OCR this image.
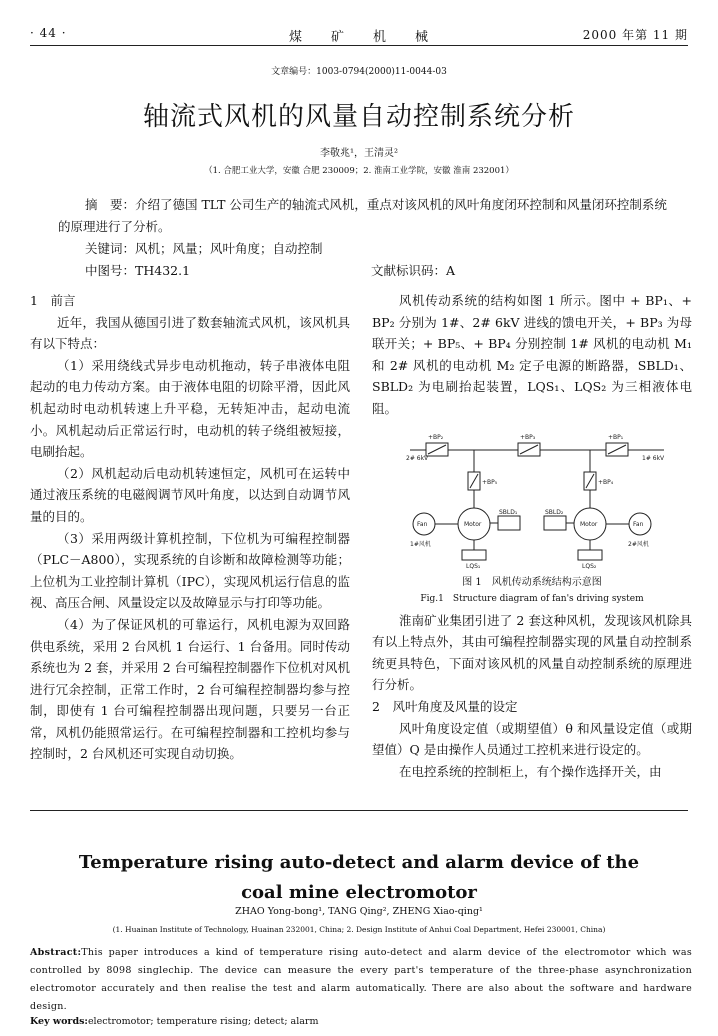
· 44 ·	煤　　矿　　机　　械	2000 年第 11 期
文章编号：1003-0794(2000)11-0044-03
轴流式风机的风量自动控制系统分析
李敬兆¹，王清灵²
（1. 合肥工业大学，安徽 合肥 230009；2. 淮南工业学院，安徽 淮南 232001）

摘　要：介绍了德国 TLT 公司生产的轴流式风机，重点对该风机的风叶角度闭环控制和风量闭环控制系统的原理进行了分析。

关键词：风机；风量；风叶角度；自动控制

中图号：TH432.1	文献标识码：A

1　前言

近年，我国从德国引进了数套轴流式风机，该风机具有以下特点：

（1）采用绕线式异步电动机拖动，转子串液体电阻起动的电力传动方案。由于液体电阻的切除平滑，因此风机起动时电动机转速上升平稳，无转矩冲击，起动电流小。风机起动后正常运行时，电动机的转子绕组被短接，电刷抬起。

（2）风机起动后电动机转速恒定，风机可在运转中通过液压系统的电磁阀调节风叶角度，以达到自动调节风量的目的。

（3）采用两级计算机控制，下位机为可编程控制器（PLC－A800），实现系统的自诊断和故障检测等功能；上位机为工业控制计算机（IPC），实现风机运行信息的监视、高压合闸、风量设定以及故障显示与打印等功能。

（4）为了保证风机的可靠运行，风机电源为双回路供电系统，采用 2 台风机 1 台运行、1 台备用。同时传动系统也为 2 套，并采用 2 台可编程控制器作下位机对风机进行冗余控制，正常工作时，2 台可编程控制器均参与控制，即使有 1 台可编程控制器出现问题，只要另一台正常，风机仍能照常运行。在可编程控制器和工控机均参与控制时，2 台风机还可实现自动切换。

风机传动系统的结构如图 1 所示。图中 + BP₁、+ BP₂ 分别为 1#、2# 6kV 进线的馈电开关，+ BP₃ 为母联开关；+ BP₅、+ BP₄ 分别控制 1# 风机的电动机 M₁ 和 2# 风机的电动机 M₂ 定子电源的断路器，SBLD₁、SBLD₂ 为电刷抬起装置，LQS₁、LQS₂ 为三相液体电阻。

+BP₂	+BP₃	+BP₁
2# 6kV	1# 6kV
+BP₅	+BP₄
Motor	Motor
Fan	Fan
SBLD₁	SBLD₂
LQS₁	LQS₂
1#风机	2#风机
图 1　风机传动系统结构示意图
Fig.1　Structure diagram of fan's driving system

淮南矿业集团引进了 2 套这种风机，发现该风机除具有以上特点外，其由可编程控制器实现的风量自动控制系统更具特色，下面对该风机的风量自动控制系统的原理进行分析。

2　风叶角度及风量的设定

风叶角度设定值（或期望值）θ 和风量设定值（或期望值）Q 是由操作人员通过工控机来进行设定的。

在电控系统的控制柜上，有个操作选择开关，由

Temperature rising auto-detect and alarm device of the
coal mine electromotor
ZHAO Yong-bong¹, TANG Qing², ZHENG Xiao-qing¹
(1. Huainan Institute of Technology, Huainan 232001, China; 2. Design Institute of Anhui Coal Department, Hefei 230001, China)

Abstract:This paper introduces a kind of temperature rising auto-detect and alarm device of the electromotor which was controlled by 8098 singlechip. The device can measure the every part's temperature of the three-phase asynchronization electromotor accurately and then realise the test and alarm automatically. There are also about the software and hardware design.

Key words:electromotor; temperature rising; detect; alarm
